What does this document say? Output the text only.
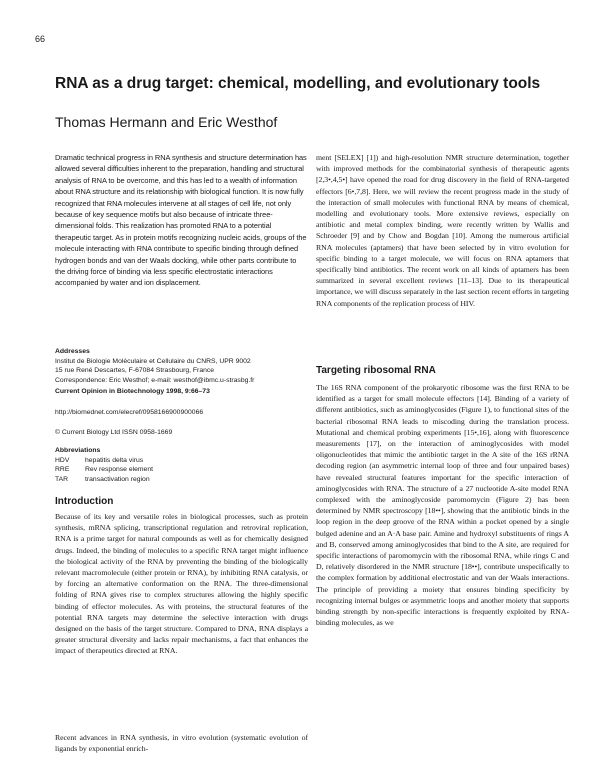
66
RNA as a drug target: chemical, modelling, and evolutionary tools
Thomas Hermann and Eric Westhof

Dramatic technical progress in RNA synthesis and structure determination has allowed several difficulties inherent to the preparation, handling and structural analysis of RNA to be overcome, and this has led to a wealth of information about RNA structure and its relationship with biological function. It is now fully recognized that RNA molecules intervene at all stages of cell life, not only because of key sequence motifs but also because of intricate three-dimensional folds. This realization has promoted RNA to a potential therapeutic target. As in protein motifs recognizing nucleic acids, groups of the molecule interacting with RNA contribute to specific binding through defined hydrogen bonds and van der Waals docking, while other parts contribute to the driving force of binding via less specific electrostatic interactions accompanied by water and ion displacement.

Addresses
Institut de Biologie Moléculaire et Cellulaire du CNRS, UPR 9002
15 rue René Descartes, F-67084 Strasbourg, France
Correspondence: Eric Westhof; e-mail: westhof@ibmc.u-strasbg.fr
Current Opinion in Biotechnology 1998, 9:66–73
http://biomednet.com/elecref/0958166900900066
© Current Biology Ltd ISSN 0958-1669
Abbreviations
HDV	hepatitis delta virus
RRE	Rev response element
TAR	transactivation region
Introduction

Because of its key and versatile roles in biological processes, such as protein synthesis, mRNA splicing, transcriptional regulation and retroviral replication, RNA is a prime target for natural compounds as well as for chemically designed drugs. Indeed, the binding of molecules to a specific RNA target might influence the biological activity of the RNA by preventing the binding of the biologically relevant macromolecule (either protein or RNA), by inhibiting RNA catalysis, or by forcing an alternative conformation on the RNA. The three-dimensional folding of RNA gives rise to complex structures allowing the highly specific binding of effector molecules. As with proteins, the structural features of the potential RNA targets may determine the selective interaction with drugs designed on the basis of the target structure. Compared to DNA, RNA displays a greater structural diversity and lacks repair mechanisms, a fact that enhances the impact of therapeutics directed at RNA.

Recent advances in RNA synthesis, in vitro evolution (systematic evolution of ligands by exponential enrich-

ment [SELEX] [1]) and high-resolution NMR structure determination, together with improved methods for the combinatorial synthesis of therapeutic agents [2,3•,4,5•] have opened the road for drug discovery in the field of RNA-targeted effectors [6•,7,8]. Here, we will review the recent progress made in the study of the interaction of small molecules with functional RNA by means of chemical, modelling and evolutionary tools. More extensive reviews, especially on antibiotic and metal complex binding, were recently written by Wallis and Schroeder [9] and by Chow and Bogdan [10]. Among the numerous artificial RNA molecules (aptamers) that have been selected by in vitro evolution for specific binding to a target molecule, we will focus on RNA aptamers that specifically bind antibiotics. The recent work on all kinds of aptamers has been summarized in several excellent reviews [11–13]. Due to its therapeutical importance, we will discuss separately in the last section recent efforts in targeting RNA components of the replication process of HIV.

Targeting ribosomal RNA

The 16S RNA component of the prokaryotic ribosome was the first RNA to be identified as a target for small molecule effectors [14]. Binding of a variety of different antibiotics, such as aminoglycosides (Figure 1), to functional sites of the bacterial ribosomal RNA leads to miscoding during the translation process. Mutational and chemical probing experiments [15•,16], along with fluorescence measurements [17], on the interaction of aminoglycosides with model oligonucleotides that mimic the antibiotic target in the A site of the 16S rRNA decoding region (an asymmetric internal loop of three and four unpaired bases) have revealed structural features important for the specific interaction of aminoglycosides with RNA. The structure of a 27 nucleotide A-site model RNA complexed with the aminoglycoside paromomycin (Figure 2) has been determined by NMR spectroscopy [18••], showing that the antibiotic binds in the loop region in the deep groove of the RNA within a pocket opened by a single bulged adenine and an A·A base pair. Amine and hydroxyl substituents of rings A and B, conserved among aminoglycosides that bind to the A site, are required for specific interactions of paromomycin with the ribosomal RNA, while rings C and D, relatively disordered in the NMR structure [18••], contribute unspecifically to the complex formation by additional electrostatic and van der Waals interactions. The principle of providing a moiety that ensures binding specificity by recognizing internal bulges or asymmetric loops and another moiety that supports binding strength by non-specific interactions is frequently exploited by RNA-binding molecules, as we
